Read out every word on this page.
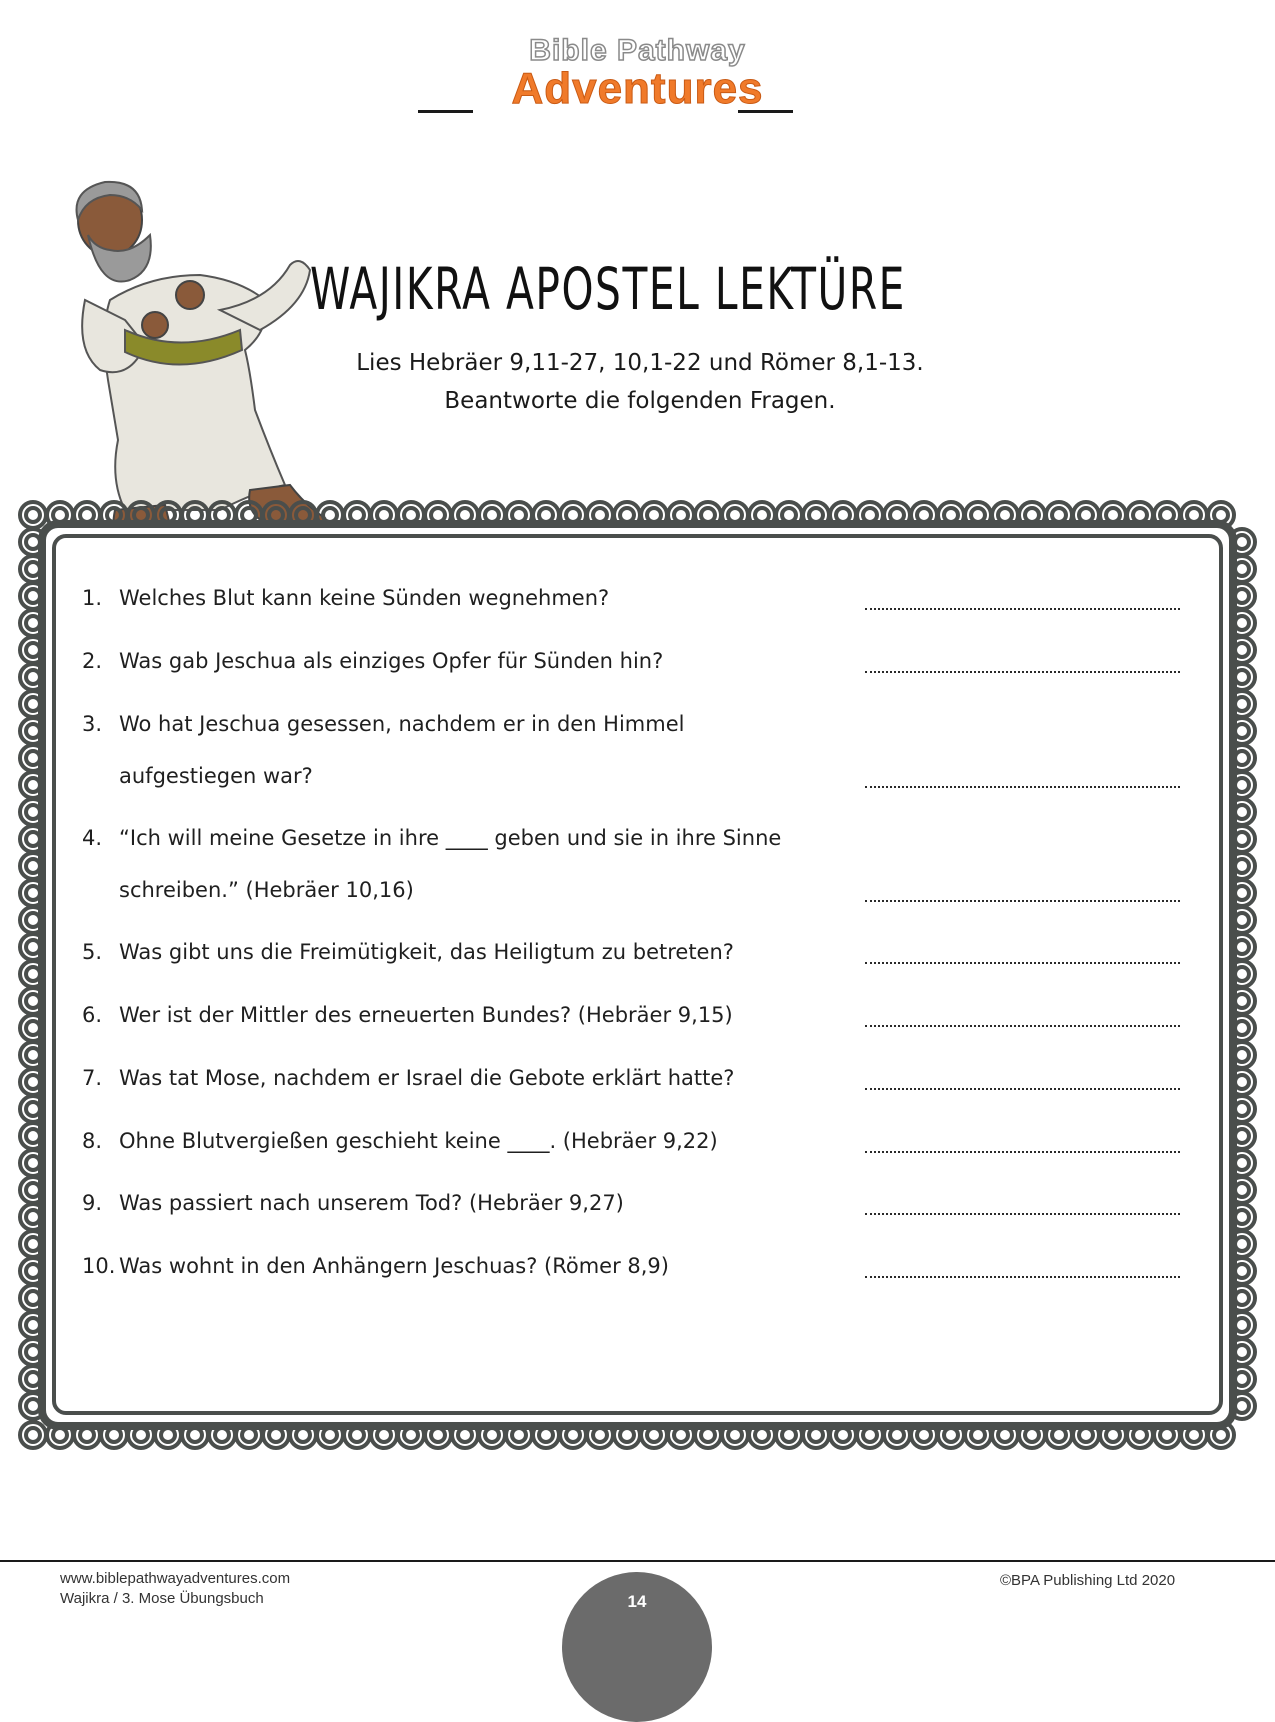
Bible Pathway
Adventures
WAJIKRA APOSTEL LEKTÜRE
Lies Hebräer 9,11-27, 10,1-22 und Römer 8,1-13.
Beantworte die folgenden Fragen.
1. Welches Blut kann keine Sünden wegnehmen?
2. Was gab Jeschua als einziges Opfer für Sünden hin?
3. Wo hat Jeschua gesessen, nachdem er in den Himmel
aufgestiegen war?
4. “Ich will meine Gesetze in ihre ____ geben und sie in ihre Sinne
schreiben.” (Hebräer 10,16)
5. Was gibt uns die Freimütigkeit, das Heiligtum zu betreten?
6. Wer ist der Mittler des erneuerten Bundes? (Hebräer 9,15)
7. Was tat Mose, nachdem er Israel die Gebote erklärt hatte?
8. Ohne Blutvergießen geschieht keine ____. (Hebräer 9,22)
9. Was passiert nach unserem Tod? (Hebräer 9,27)
10. Was wohnt in den Anhängern Jeschuas? (Römer 8,9)
www.biblepathwayadventures.com
Wajikra / 3. Mose Übungsbuch
©BPA Publishing Ltd 2020
14
